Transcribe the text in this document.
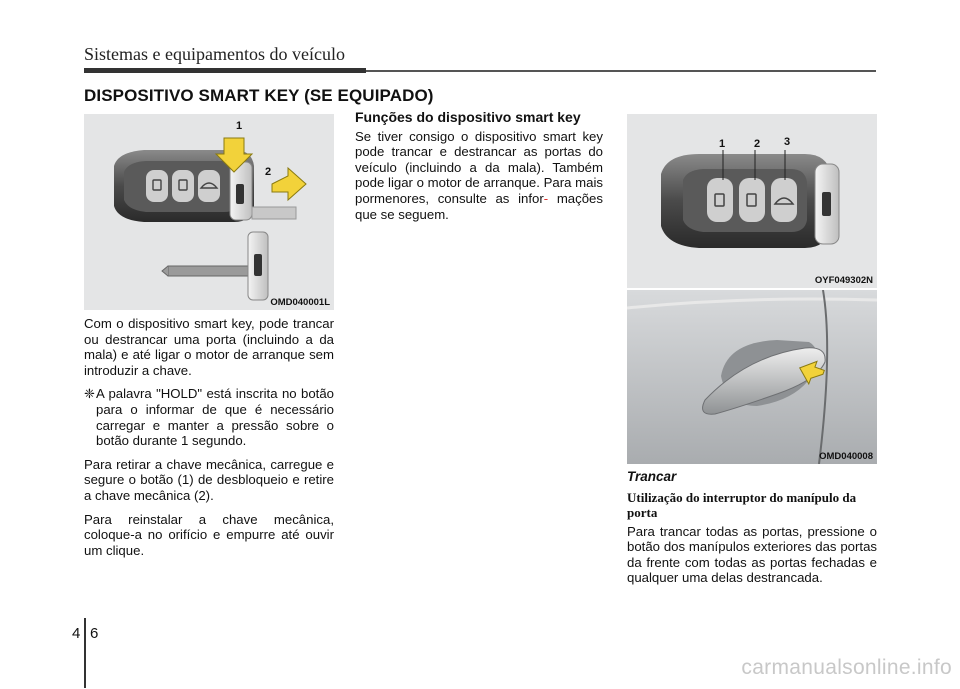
Sistemas e equipamentos do veículo
DISPOSITIVO SMART KEY (SE EQUIPADO)
1
2
OMD040001L
1	2 3
OYF049302N
OMD040008

Com o dispositivo smart key, pode trancar ou destrancar uma porta (incluindo a da mala) e até ligar o motor de arranque sem introduzir a chave.

❈ A palavra "HOLD" está inscrita no botão para o informar de que é necessário carregar e manter a pressão sobre o botão durante 1 segundo.

Para retirar a chave mecânica, carregue e segure o botão (1) de desbloqueio e retire a chave mecânica (2).

Para reinstalar a chave mecânica, coloque-a no orifício e empurre até ouvir um clique.

Funções do dispositivo smart key

Se tiver consigo o dispositivo smart key pode trancar e destrancar as portas do veículo (incluindo a da mala). Também pode ligar o motor de arranque. Para mais pormenores, consulte as infor- mações que se seguem.

Trancar
Utilização do interruptor do manípulo da porta

Para trancar todas as portas, pressione o botão dos manípulos exteriores das portas da frente com todas as portas fechadas e qualquer uma delas destrancada.

4 6
carmanualsonline.info
